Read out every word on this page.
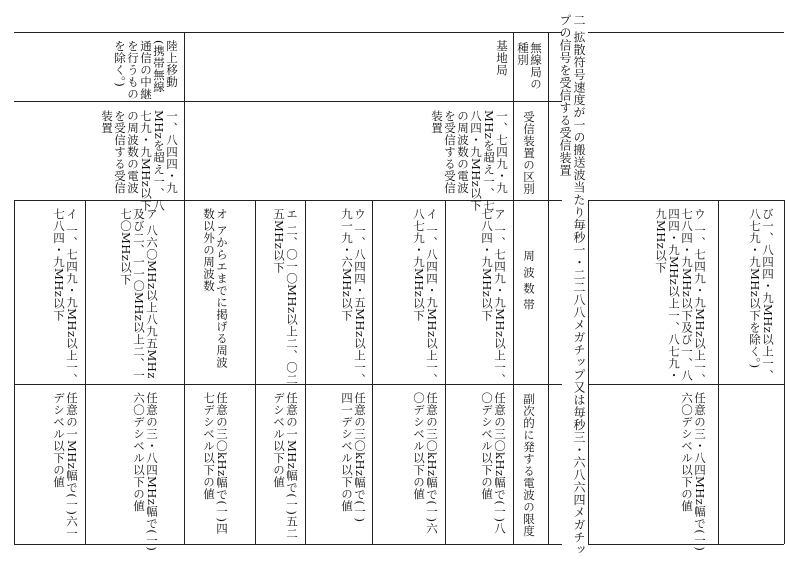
二 拡散符号速度が一の搬送波当たり毎秒一・二二八八メガチップ又は毎秒三・六八六四メガチッ
プの信号を受信する受信装置
無線局の
種別
受信装置の区別
周 波 数 帯
副次的に発する電波の限度
基地局
陸上移動
(携帯無線
通信の中継
を行うもの
を除く。)
一、七四九・九
MHzを超え一、七
八四・九MHz以下
の周波数の電波
を受信する受信
装置
一、八四四・九
MHzを超え一、八
七九・九MHz以下
の周波数の電波
を受信する受信
装置
ア 一、七四九・九MHz以上一、
七八四・九MHz以下
イ 一、八四四・九MHz以上一、
八七九・九MHz以下
ウ 一、八四四・五MHz以上一、
九一九・六MHz以下
エ 二、〇一〇MHz以上二、〇二
五MHz以下
オ アからエまでに掲げる周波
数以外の周波数
ア 八六〇MHz以上八九五MHz
及び二、一一〇MHz以上二、一
七〇MHz以下
イ 一、七四九・九MHz以上一、
七八四・九MHz以下
任意の三〇kHz幅で(一)八
〇デシベル以下の値
任意の三〇kHz幅で(一)六
〇デシベル以下の値
任意の三〇kHz幅で(一)
四一デシベル以下の値
任意の一MHz幅で(一)五二
デシベル以下の値
任意の三〇kHz幅で(一)四
七デシベル以下の値
任意の三・八四MHz幅で(一)
六〇デシベル以下の値
任意の一MHz幅で(一)六一
デシベル以下の値
び一、八四四・九MHz以上一、
八七九・九MHz以下を除く。)
ウ 一、七四九・九MHz以上一、
七八四・九MHz以下及び一、八
四四・九MHz以上一、八七九・
九MHz以下
任意の三・八四MHz幅で(一)
六〇デシベル以下の値
